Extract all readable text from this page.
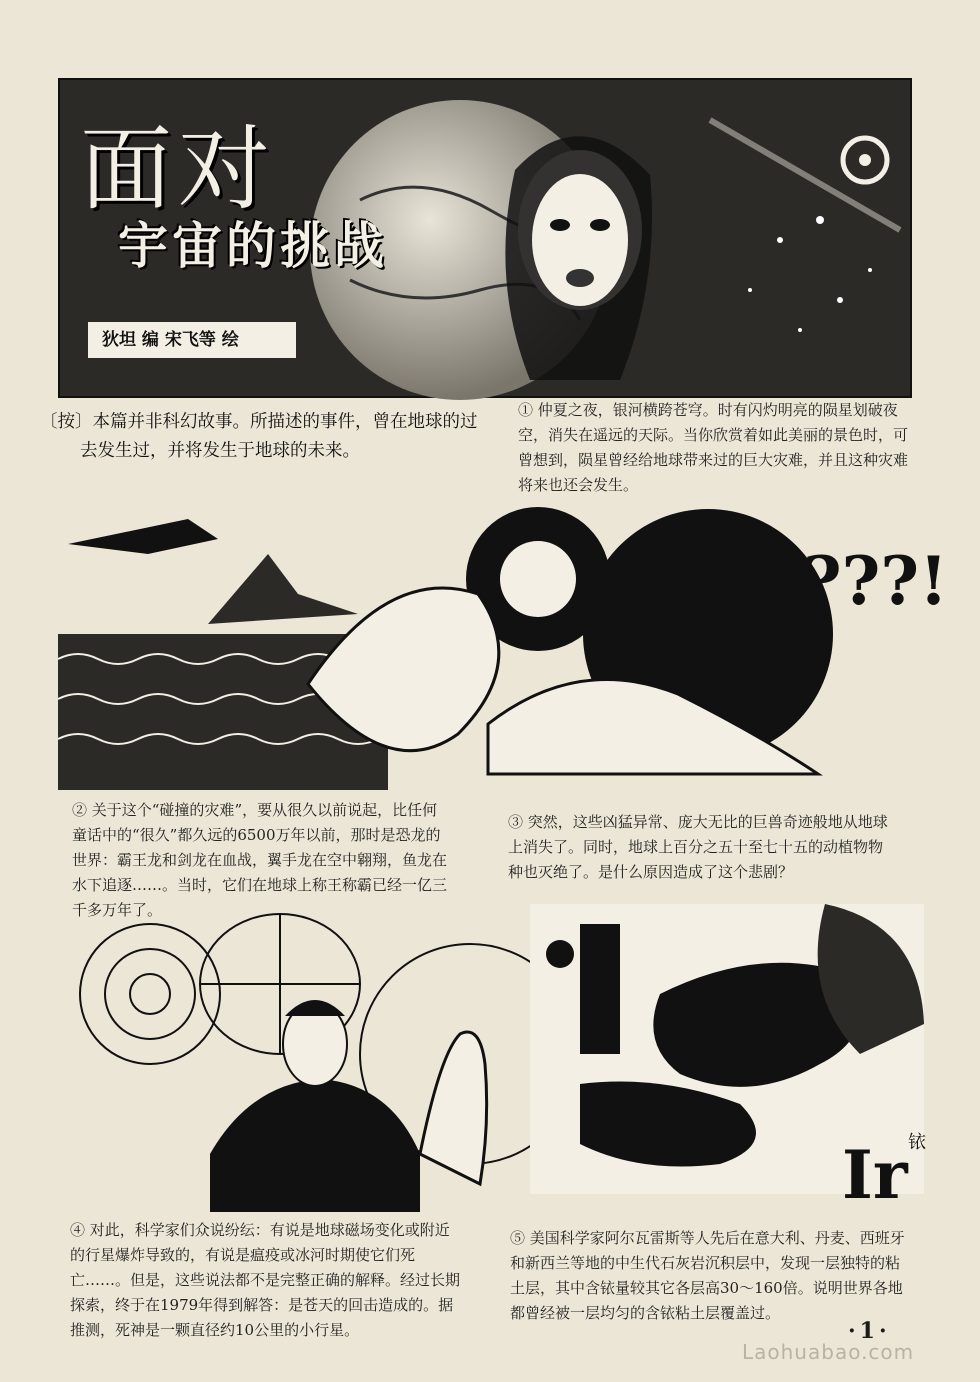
面对
宇宙的挑战
狄坦 编 宋飞等 绘
〔按〕本篇并非科幻故事。所描述的事件，曾在地球的过
去发生过，并将发生于地球的未来。
① 仲夏之夜，银河横跨苍穹。时有闪灼明亮的陨星划破夜空，消失在遥远的天际。当你欣赏着如此美丽的景色时，可曾想到，陨星曾经给地球带来过的巨大灾难，并且这种灾难将来也还会发生。
???!
② 关于这个“碰撞的灾难”，要从很久以前说起，比任何童话中的“很久”都久远的6500万年以前，那时是恐龙的世界：霸王龙和剑龙在血战，翼手龙在空中翱翔，鱼龙在水下追逐……。当时，它们在地球上称王称霸已经一亿三千多万年了。
③ 突然，这些凶猛异常、庞大无比的巨兽奇迹般地从地球上消失了。同时，地球上百分之五十至七十五的动植物物种也灭绝了。是什么原因造成了这个悲剧？
Ir 铱
④ 对此，科学家们众说纷纭：有说是地球磁场变化或附近的行星爆炸导致的，有说是瘟疫或冰河时期使它们死亡……。但是，这些说法都不是完整正确的解释。经过长期探索，终于在1979年得到解答：是苍天的回击造成的。据推测，死神是一颗直径约10公里的小行星。
⑤ 美国科学家阿尔瓦雷斯等人先后在意大利、丹麦、西班牙和新西兰等地的中生代石灰岩沉积层中，发现一层独特的粘土层，其中含铱量较其它各层高30～160倍。说明世界各地都曾经被一层均匀的含铱粘土层覆盖过。
·1·
Laohuabao.com
